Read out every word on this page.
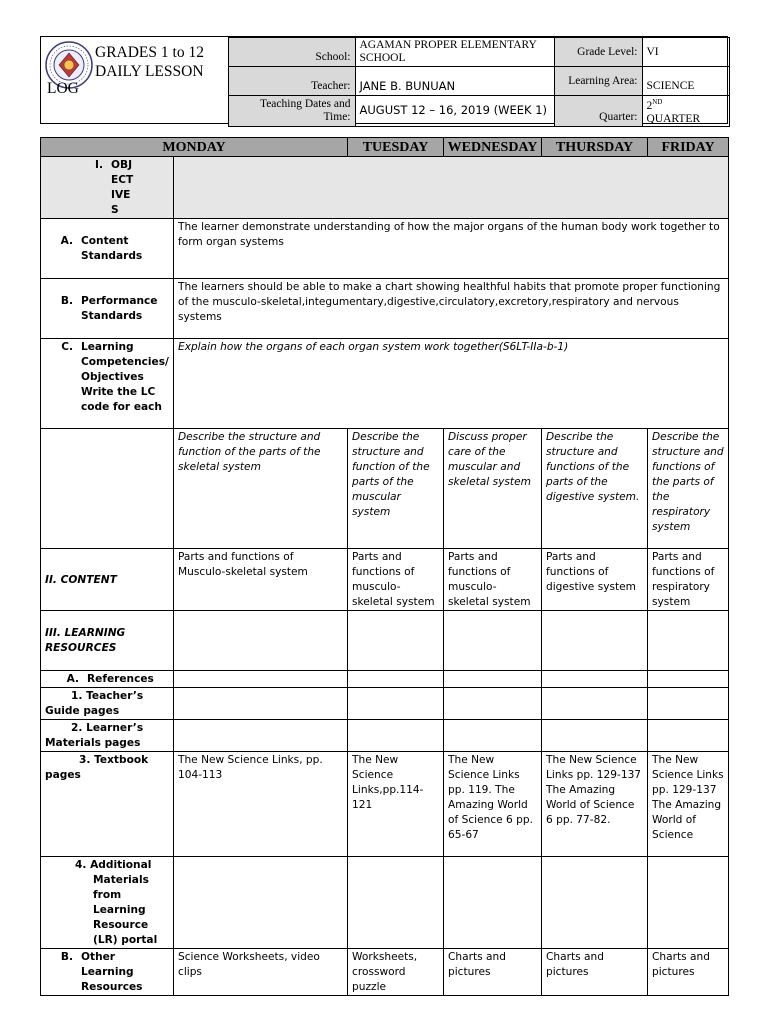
GRADES 1 to 12
DAILY LESSON
LOG	School:	AGAMAN PROPER ELEMENTARY SCHOOL	Grade Level:	VI
	Teacher:	JANE B. BUNUAN	Learning Area:	SCIENCE
	Teaching Dates and Time:	AUGUST 12 – 16, 2019 (WEEK 1)	Quarter:	2ND
QUARTER
MONDAY		TUESDAY	WEDNESDAY	THURSDAY	FRIDAY

I. OBJECTIVES					

A. Content Standards	The learner demonstrate understanding of how the major organs of the human body work together to form organ systems				

B. Performance Standards	The learners should be able to make a chart showing healthful habits that promote proper functioning of the musculo-skeletal,integumentary,digestive,circulatory,excretory,respiratory and nervous systems				

C. Learning Competencies/ Objectives Write the LC code for each	Explain how the organs of each organ system work together(S6LT-IIa-b-1)				
	Describe the structure and function of the parts of the skeletal system	Describe the structure and function of the parts of the muscular system	Discuss proper care of the muscular and skeletal system	Describe the structure and functions of the parts of the digestive system.	Describe the structure and functions of the parts of the respiratory system
II. CONTENT	Parts and functions of Musculo-skeletal system	Parts and functions of musculo-skeletal system	Parts and functions of musculo-skeletal system	Parts and functions of digestive system	Parts and functions of respiratory system
III. LEARNING RESOURCES					

A. References					

1. Teacher’s Guide pages					
2. Learner’s Materials pages					
3. Textbook pages	The New Science Links, pp. 104-113	The New Science Links,pp.114-121	The New Science Links pp. 119. The Amazing World of Science 6 pp. 65-67	The New Science Links pp. 129-137 The Amazing World of Science 6 pp. 77-82.	The New Science Links pp. 129-137 The Amazing World of Science
4. Additional Materials from Learning Resource (LR) portal					

B. Other Learning Resources	Science Worksheets, video clips	Worksheets, crossword puzzle	Charts and pictures	Charts and pictures	Charts and pictures
